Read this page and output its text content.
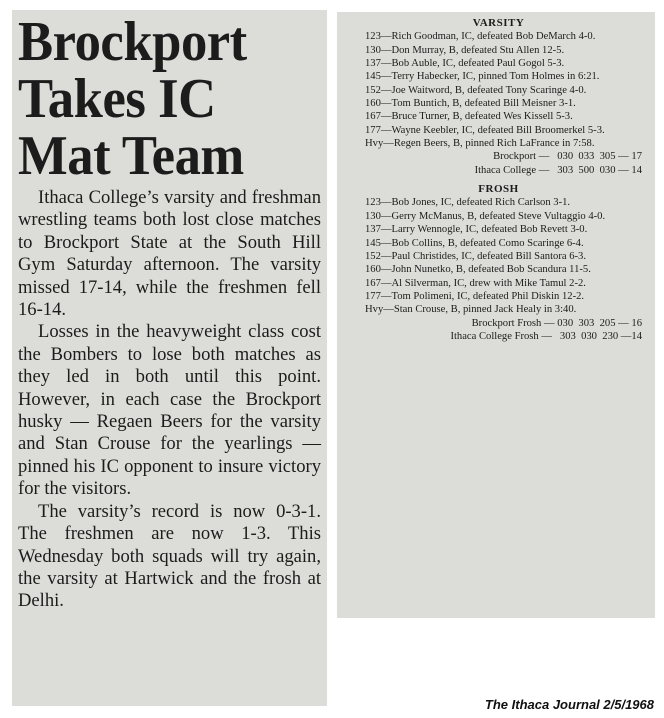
Brockport

Takes IC

Mat Team

Ithaca College’s varsity and freshman wrestling teams both lost close matches to Brockport State at the South Hill Gym Saturday afternoon. The varsity missed 17-14, while the freshmen fell 16-14.

Losses in the heavyweight class cost the Bombers to lose both matches as they led in both until this point. However, in each case the Brockport husky — Regaen Beers for the varsity and Stan Crouse for the yearlings — pinned his IC opponent to insure victory for the visitors.

The varsity’s record is now 0-3-1. The freshmen are now 1-3. This Wednesday both squads will try again, the varsity at Hartwick and the frosh at Delhi.

VARSITY

123—Rich Goodman, IC, defeated Bob DeMarch 4-0.

130—Don Murray, B, defeated Stu Allen 12-5.

137—Bob Auble, IC, defeated Paul Gogol 5-3.

145—Terry Habecker, IC, pinned Tom Holmes in 6:21.

152—Joe Waitword, B, defeated Tony Scaringe 4-0.

160—Tom Buntich, B, defeated Bill Meisner 3-1.

167—Bruce Turner, B, defeated Wes Kissell 5-3.

177—Wayne Keebler, IC, defeated Bill Broomerkel 5-3.

Hvy—Regen Beers, B, pinned Rich LaFrance in 7:58.

Brockport —   030  033  305 — 17

Ithaca College —   303  500  030 — 14

FROSH

123—Bob Jones, IC, defeated Rich Carlson 3-1.

130—Gerry McManus, B, defeated Steve Vultaggio 4-0.

137—Larry Wennogle, IC, defeated Bob Revett 3-0.

145—Bob Collins, B, defeated Como Scaringe 6-4.

152—Paul Christides, IC, defeated Bill Santora 6-3.

160—John Nunetko, B, defeated Bob Scandura 11-5.

167—Al Silverman, IC, drew with Mike Tamul 2-2.

177—Tom Polimeni, IC, defeated Phil Diskin 12-2.

Hvy—Stan Crouse, B, pinned Jack Healy in 3:40.

Brockport Frosh — 030  303  205 — 16

Ithaca College Frosh —   303  030  230 —14

The Ithaca Journal 2/5/1968
